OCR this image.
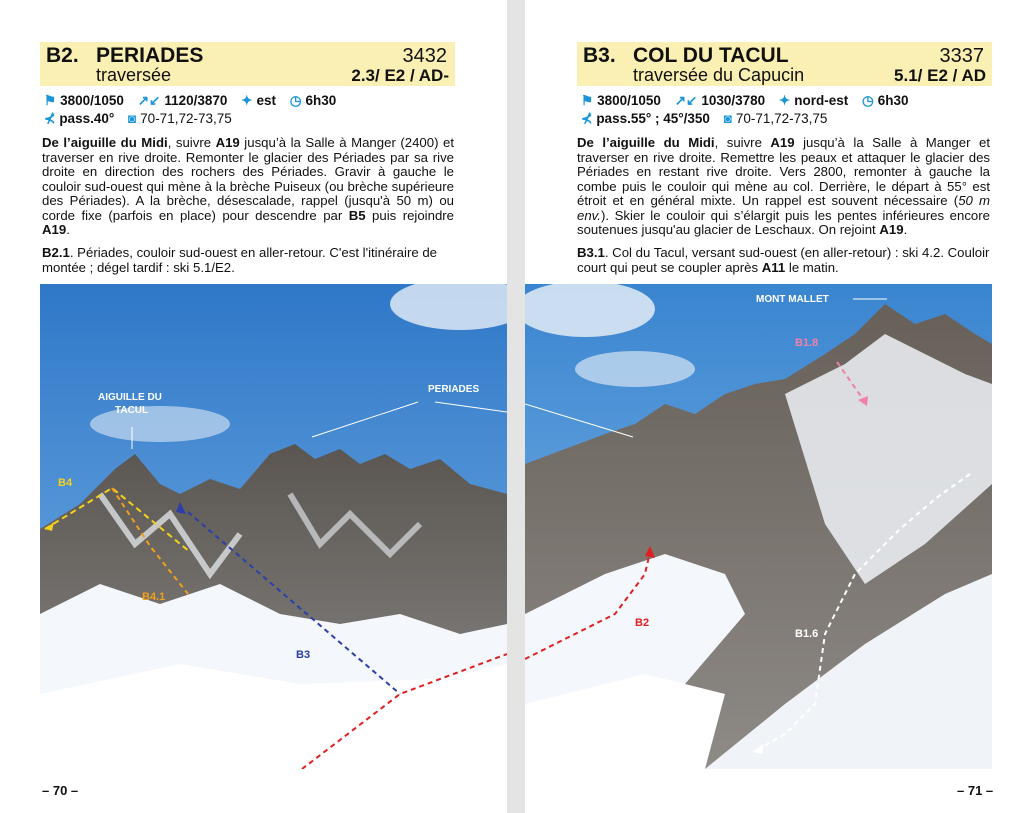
B2. PERIADES
traversée
3432
2.3/ E2 / AD-
⚑ 3800/1050 ↗↙ 1120/3870 ✦ est ◷ 6h30
⊀ pass.40° ◙ 70-71,72-73,75
De l’aiguille du Midi, suivre A19 jusqu’à la Salle à Manger (2400) et traverser en rive droite. Remonter le glacier des Périades par sa rive droite en direction des rochers des Périades. Gravir à gauche le couloir sud-ouest qui mène à la brèche Puiseux (ou brèche supérieure des Périades). A la brèche, désescalade, rappel (jusqu'à 50 m) ou corde fixe (parfois en place) pour descendre par B5 puis rejoindre A19.
B2.1. Périades, couloir sud-ouest en aller-retour. C'est l'itinéraire de montée ; dégel tardif : ski 5.1/E2.
AIGUILLE DU
TACUL
PERIADES
B4
B4.1
B3
– 70 –
B3. COL DU TACUL
traversée du Capucin
3337
5.1/ E2 / AD
⚑ 3800/1050 ↗↙ 1030/3780 ✦ nord-est ◷ 6h30
⊀ pass.55° ; 45°/350 ◙ 70-71,72-73,75
De l’aiguille du Midi, suivre A19 jusqu’à la Salle à Manger et traverser en rive droite. Remettre les peaux et attaquer le glacier des Périades en restant rive droite. Vers 2800, remonter à gauche la combe puis le couloir qui mène au col. Derrière, le départ à 55° est étroit et en général mixte. Un rappel est souvent nécessaire (50 m env.). Skier le couloir qui s’élargit puis les pentes inférieures encore soutenues jusqu'au glacier de Leschaux. On rejoint A19.
B3.1. Col du Tacul, versant sud-ouest (en aller-retour) : ski 4.2. Couloir court qui peut se coupler après A11 le matin.
MONT MALLET
B1.8
B2
B1.6
– 71 –
